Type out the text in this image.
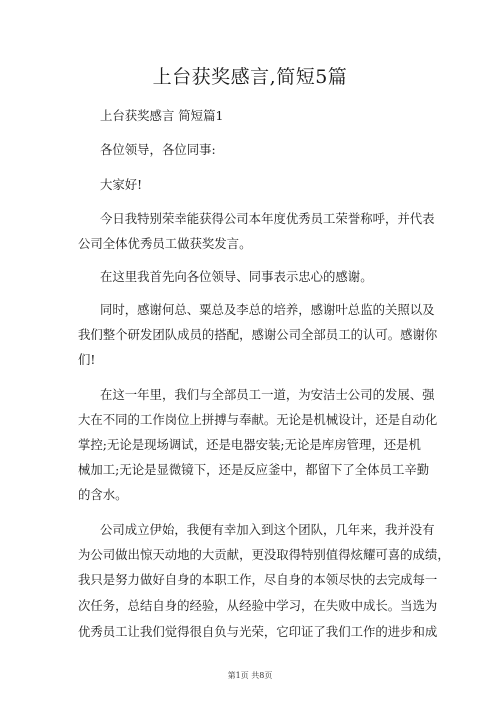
上台获奖感言,简短5篇
上台获奖感言 简短篇1
各位领导，各位同事:
大家好!
今日我特别荣幸能获得公司本年度优秀员工荣誉称呼，并代表
公司全体优秀员工做获奖发言。
在这里我首先向各位领导、同事表示忠心的感谢。
同时，感谢何总、粟总及李总的培养，感谢叶总监的关照以及
我们整个研发团队成员的搭配，感谢公司全部员工的认可。感谢你
们!
在这一年里，我们与全部员工一道，为安洁士公司的发展、强
大在不同的工作岗位上拼搏与奉献。无论是机械设计，还是自动化
掌控;无论是现场调试，还是电器安装;无论是库房管理，还是机
械加工;无论是显微镜下，还是反应釜中，都留下了全体员工辛勤
的含水。
公司成立伊始，我便有幸加入到这个团队，几年来，我并没有
为公司做出惊天动地的大贡献，更没取得特别值得炫耀可喜的成绩，
我只是努力做好自身的本职工作，尽自身的本领尽快的去完成每一
次任务，总结自身的经验，从经验中学习，在失败中成长。当选为
优秀员工让我们觉得很自负与光荣，它印证了我们工作的进步和成
第1页 共8页
